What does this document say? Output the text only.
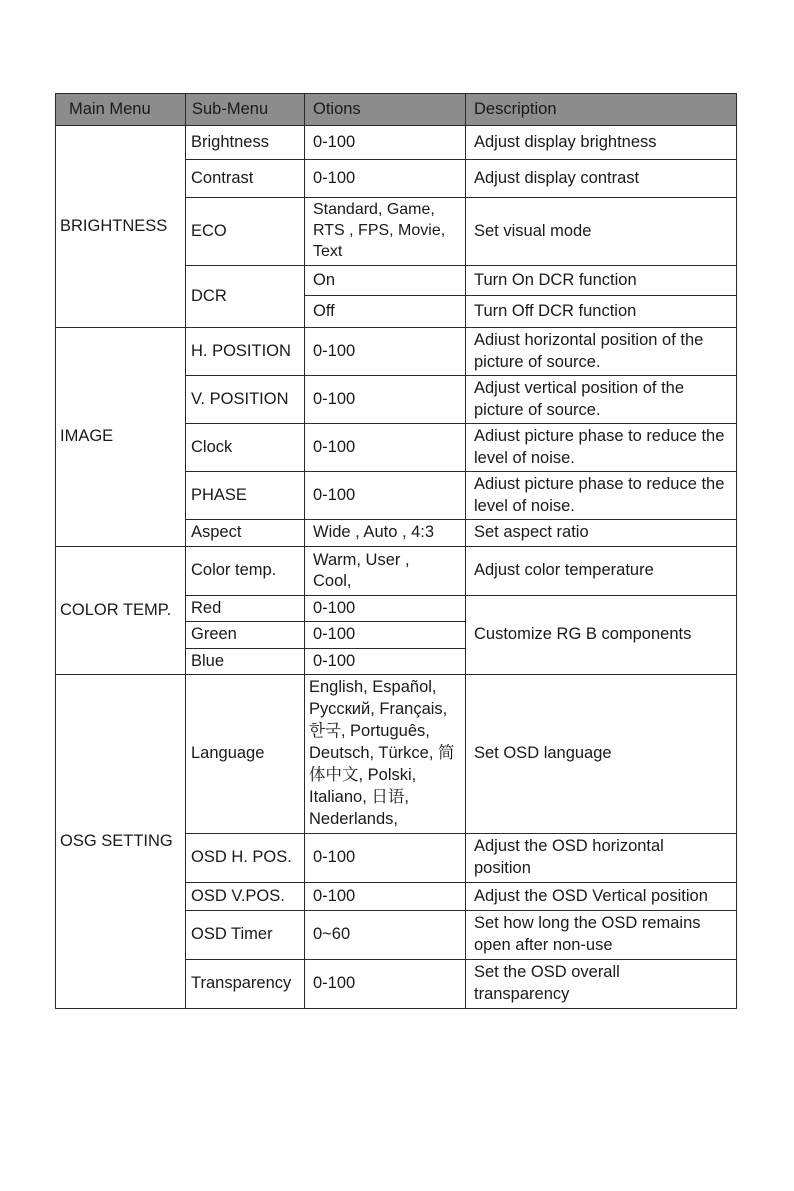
Main Menu	Sub-Menu	Otions	Description
BRIGHTNESS	Brightness	0-100	Adjust display brightness
	Contrast	0-100	Adjust display contrast
	ECO	Standard, Game, RTS , FPS, Movie, Text	Set visual mode
	DCR	On	Turn On DCR function
		Off	Turn Off DCR function
IMAGE	H. POSITION	0-100	Adiust horizontal position of the picture of source.
	V. POSITION	0-100	Adjust vertical position of the picture of source.
	Clock	0-100	Adiust picture phase to reduce the level of noise.
	PHASE	0-100	Adiust picture phase to reduce the level of noise.
	Aspect	Wide , Auto , 4:3	Set aspect ratio
COLOR TEMP.	Color temp.	Warm, User , Cool,	Adjust color temperature
	Red	0-100	Customize RG B components
	Green	0-100	
	Blue	0-100	
OSG SETTING	Language	English, Español, Русский, Français, 한국, Português, Deutsch, Türkce, 简体中文, Polski, Italiano, 日语, Nederlands,	Set OSD language
	OSD H. POS.	0-100	Adjust the OSD horizontal position
	OSD V.POS.	0-100	Adjust the OSD Vertical position
	OSD Timer	0~60	Set how long the OSD remains open after non-use
	Transparency	0-100	Set the OSD overall transparency
